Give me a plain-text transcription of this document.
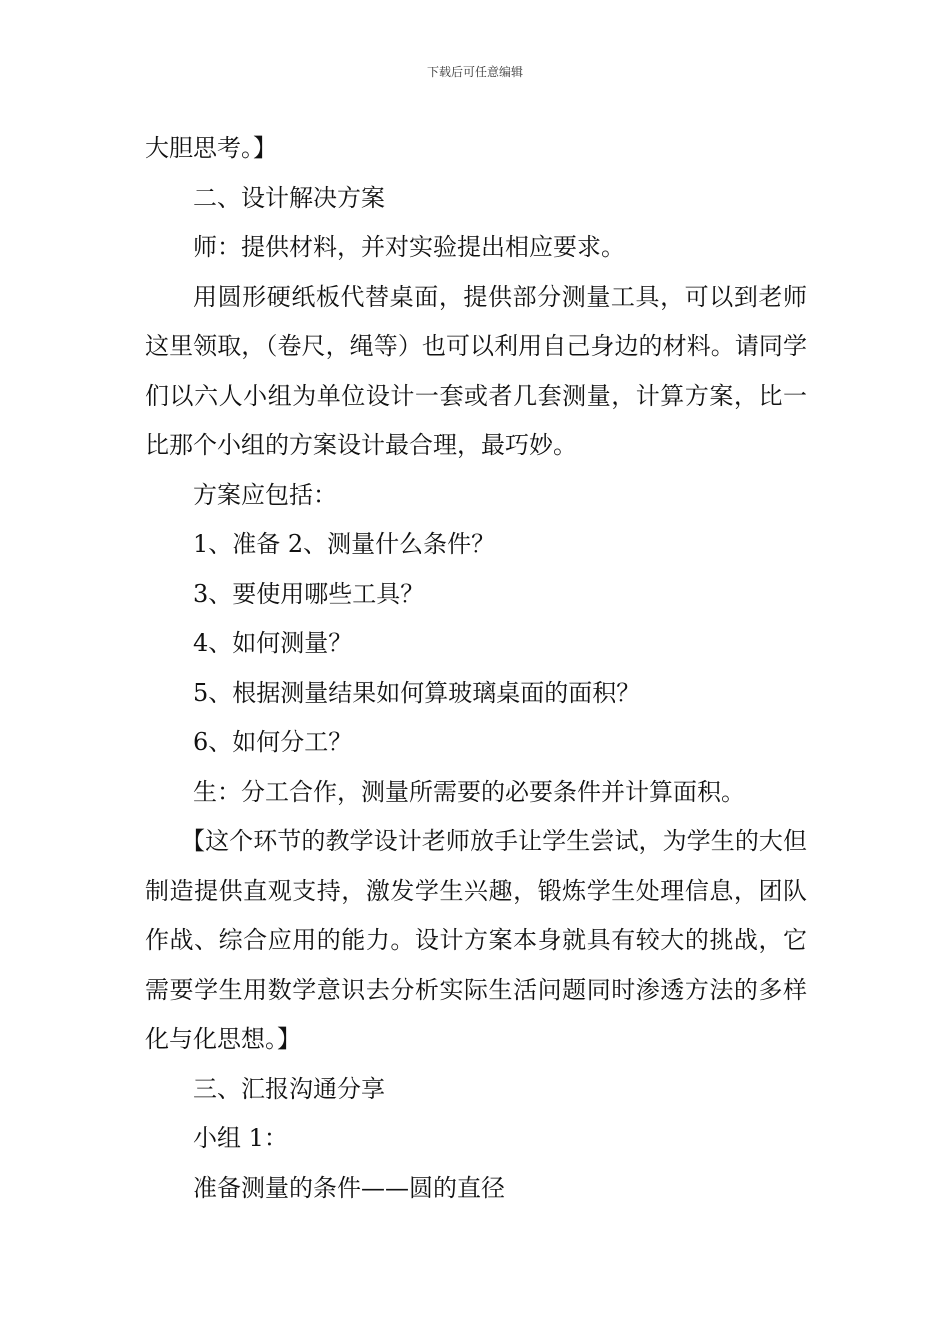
下载后可任意编辑

大胆思考。】

二、设计解决方案

师：提供材料，并对实验提出相应要求。

用圆形硬纸板代替桌面，提供部分测量工具，可以到老师这里领取，（卷尺，绳等）也可以利用自己身边的材料。请同学们以六人小组为单位设计一套或者几套测量，计算方案，比一比那个小组的方案设计最合理，最巧妙。

方案应包括：

1、准备 2、测量什么条件？

3、要使用哪些工具？

4、如何测量？

5、根据测量结果如何算玻璃桌面的面积？

6、如何分工？

生：分工合作，测量所需要的必要条件并计算面积。

【这个环节的教学设计老师放手让学生尝试，为学生的大但制造提供直观支持，激发学生兴趣，锻炼学生处理信息，团队作战、综合应用的能力。设计方案本身就具有较大的挑战，它需要学生用数学意识去分析实际生活问题同时渗透方法的多样化与化思想。】

三、汇报沟通分享

小组 1：

准备测量的条件——圆的直径
